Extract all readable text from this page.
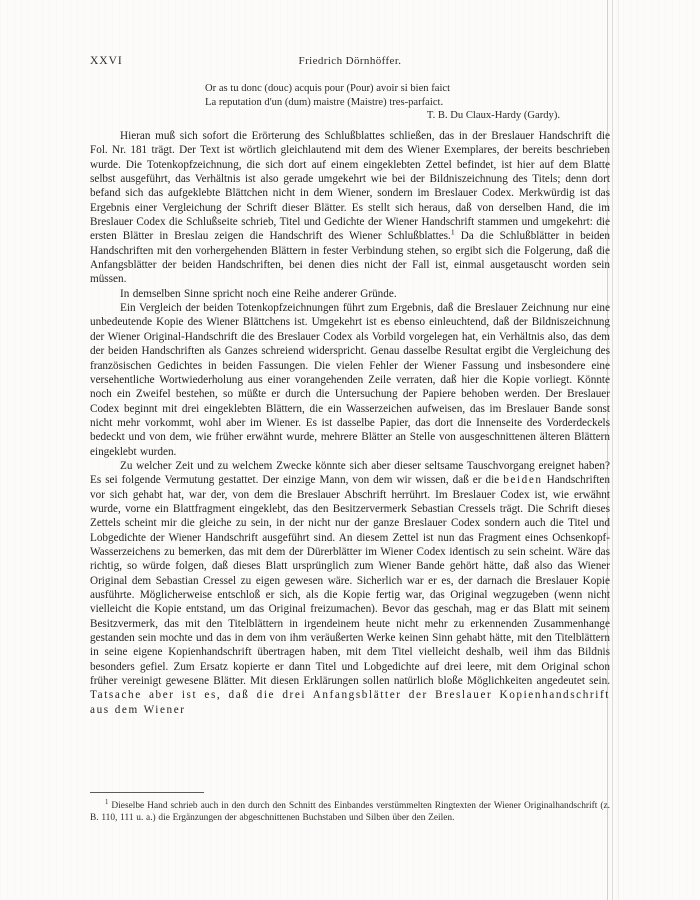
XXVI	Friedrich Dörnhöffer.
Or as tu donc (douc) acquis pour (Pour) avoir si bien faict
La reputation d'un (dum) maistre (Maistre) tres-parfaict.
T. B. Du Claux-Hardy (Gardy).

Hieran muß sich sofort die Erörterung des Schlußblattes schließen, das in der Breslauer Handschrift die Fol. Nr. 181 trägt. Der Text ist wörtlich gleichlautend mit dem des Wiener Exemplares, der bereits beschrieben wurde. Die Totenkopfzeichnung, die sich dort auf einem eingeklebten Zettel befindet, ist hier auf dem Blatte selbst ausgeführt, das Verhältnis ist also gerade umgekehrt wie bei der Bildniszeichnung des Titels; denn dort befand sich das aufgeklebte Blättchen nicht in dem Wiener, sondern im Breslauer Codex. Merkwürdig ist das Ergebnis einer Vergleichung der Schrift dieser Blätter. Es stellt sich heraus, daß von derselben Hand, die im Breslauer Codex die Schlußseite schrieb, Titel und Gedichte der Wiener Handschrift stammen und umgekehrt: die ersten Blätter in Breslau zeigen die Handschrift des Wiener Schlußblattes.$^1$ Da die Schlußblätter in beiden Handschriften mit den vorhergehenden Blättern in fester Verbindung stehen, so ergibt sich die Folgerung, daß die Anfangsblätter der beiden Handschriften, bei denen dies nicht der Fall ist, einmal ausgetauscht worden sein müssen.

In demselben Sinne spricht noch eine Reihe anderer Gründe.

Ein Vergleich der beiden Totenkopfzeichnungen führt zum Ergebnis, daß die Breslauer Zeichnung nur eine unbedeutende Kopie des Wiener Blättchens ist. Umgekehrt ist es ebenso einleuchtend, daß der Bildniszeichnung der Wiener Original-Handschrift die des Breslauer Codex als Vorbild vorgelegen hat, ein Verhältnis also, das dem der beiden Handschriften als Ganzes schreiend widerspricht. Genau dasselbe Resultat ergibt die Vergleichung des französischen Gedichtes in beiden Fassungen. Die vielen Fehler der Wiener Fassung und insbesondere eine versehentliche Wortwiederholung aus einer vorangehenden Zeile verraten, daß hier die Kopie vorliegt. Könnte noch ein Zweifel bestehen, so müßte er durch die Untersuchung der Papiere behoben werden. Der Breslauer Codex beginnt mit drei eingeklebten Blättern, die ein Wasserzeichen aufweisen, das im Breslauer Bande sonst nicht mehr vorkommt, wohl aber im Wiener. Es ist dasselbe Papier, das dort die Innenseite des Vorderdeckels bedeckt und von dem, wie früher erwähnt wurde, mehrere Blätter an Stelle von ausgeschnittenen älteren Blättern eingeklebt wurden.

Zu welcher Zeit und zu welchem Zwecke könnte sich aber dieser seltsame Tauschvorgang ereignet haben? Es sei folgende Vermutung gestattet. Der einzige Mann, von dem wir wissen, daß er die beiden Handschriften vor sich gehabt hat, war der, von dem die Breslauer Abschrift herrührt. Im Breslauer Codex ist, wie erwähnt wurde, vorne ein Blattfragment eingeklebt, das den Besitzervermerk Sebastian Cressels trägt. Die Schrift dieses Zettels scheint mir die gleiche zu sein, in der nicht nur der ganze Breslauer Codex sondern auch die Titel und Lobgedichte der Wiener Handschrift ausgeführt sind. An diesem Zettel ist nun das Fragment eines Ochsenkopf-Wasserzeichens zu bemerken, das mit dem der Dürerblätter im Wiener Codex identisch zu sein scheint. Wäre das richtig, so würde folgen, daß dieses Blatt ursprünglich zum Wiener Bande gehört hätte, daß also das Wiener Original dem Sebastian Cressel zu eigen gewesen wäre. Sicherlich war er es, der darnach die Breslauer Kopie ausführte. Möglicherweise entschloß er sich, als die Kopie fertig war, das Original wegzugeben (wenn nicht vielleicht die Kopie entstand, um das Original freizumachen). Bevor das geschah, mag er das Blatt mit seinem Besitzvermerk, das mit den Titelblättern in irgendeinem heute nicht mehr zu erkennenden Zusammenhange gestanden sein mochte und das in dem von ihm veräußerten Werke keinen Sinn gehabt hätte, mit den Titelblättern in seine eigene Kopienhandschrift übertragen haben, mit dem Titel vielleicht deshalb, weil ihm das Bildnis besonders gefiel. Zum Ersatz kopierte er dann Titel und Lobgedichte auf drei leere, mit dem Original schon früher vereinigt gewesene Blätter. Mit diesen Erklärungen sollen natürlich bloße Möglichkeiten angedeutet sein. Tatsache aber ist es, daß die drei Anfangsblätter der Breslauer Kopienhandschrift aus dem Wiener

$^1$ Dieselbe Hand schrieb auch in den durch den Schnitt des Einbandes verstümmelten Ringtexten der Wiener Originalhandschrift (z. B. 110, 111 u. a.) die Ergänzungen der abgeschnittenen Buchstaben und Silben über den Zeilen.
